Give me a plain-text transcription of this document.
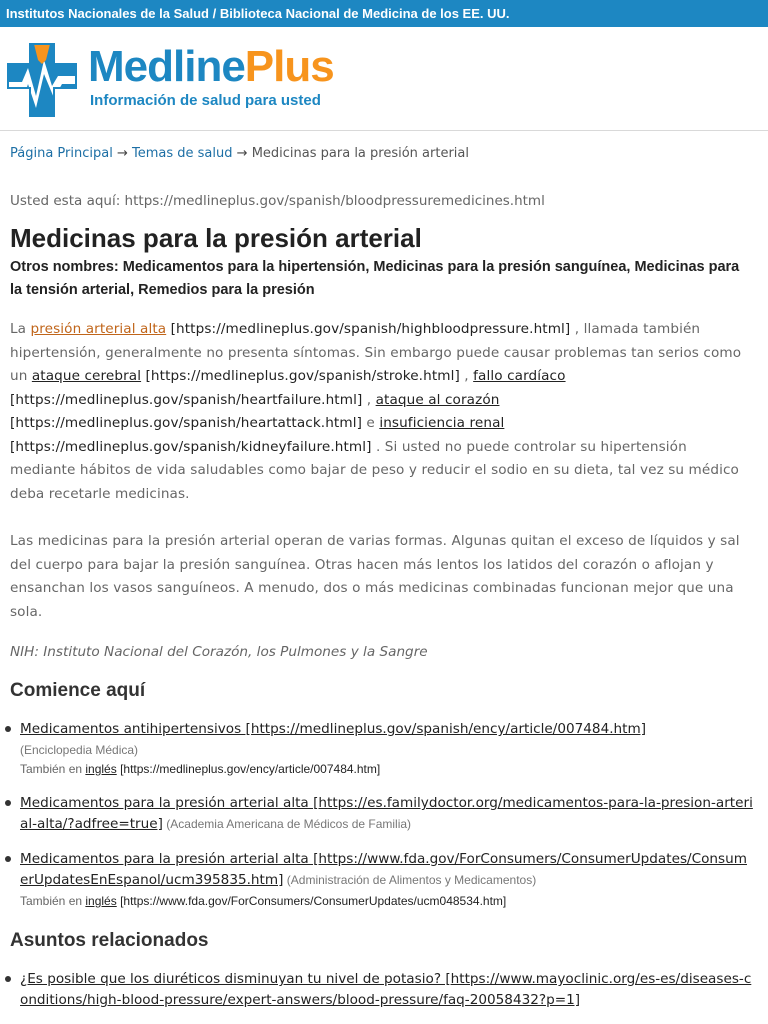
Institutos Nacionales de la Salud / Biblioteca Nacional de Medicina de los EE. UU.
MedlinePlus
Información de salud para usted
Página Principal → Temas de salud → Medicinas para la presión arterial
Usted esta aquí: https://medlineplus.gov/spanish/bloodpressuremedicines.html
Medicinas para la presión arterial

Otros nombres: Medicamentos para la hipertensión, Medicinas para la presión sanguínea, Medicinas para la tensión arterial, Remedios para la presión

La presión arterial alta [https://medlineplus.gov/spanish/highbloodpressure.html] , llamada también hipertensión, generalmente no presenta síntomas. Sin embargo puede causar problemas tan serios como un ataque cerebral [https://medlineplus.gov/spanish/stroke.html] , fallo cardíaco [https://medlineplus.gov/spanish/heartfailure.html] , ataque al corazón [https://medlineplus.gov/spanish/heartattack.html] e insuficiencia renal [https://medlineplus.gov/spanish/kidneyfailure.html] . Si usted no puede controlar su hipertensión mediante hábitos de vida saludables como bajar de peso y reducir el sodio en su dieta, tal vez su médico deba recetarle medicinas.

Las medicinas para la presión arterial operan de varias formas. Algunas quitan el exceso de líquidos y sal del cuerpo para bajar la presión sanguínea. Otras hacen más lentos los latidos del corazón o aflojan y ensanchan los vasos sanguíneos. A menudo, dos o más medicinas combinadas funcionan mejor que una sola.

NIH: Instituto Nacional del Corazón, los Pulmones y la Sangre

Comience aquí
Medicamentos antihipertensivos [https://medlineplus.gov/spanish/ency/article/007484.htm]
(Enciclopedia Médica)
También en inglés [https://medlineplus.gov/ency/article/007484.htm]
Medicamentos para la presión arterial alta [https://es.familydoctor.org/medicamentos-para-la-presion-arterial-alta/?adfree=true] (Academia Americana de Médicos de Familia)
Medicamentos para la presión arterial alta [https://www.fda.gov/ForConsumers/ConsumerUpdates/ConsumerUpdatesEnEspanol/ucm395835.htm] (Administración de Alimentos y Medicamentos)
También en inglés [https://www.fda.gov/ForConsumers/ConsumerUpdates/ucm048534.htm]
Asuntos relacionados
¿Es posible que los diuréticos disminuyan tu nivel de potasio? [https://www.mayoclinic.org/es-es/diseases-conditions/high-blood-pressure/expert-answers/blood-pressure/faq-20058432?p=1]
